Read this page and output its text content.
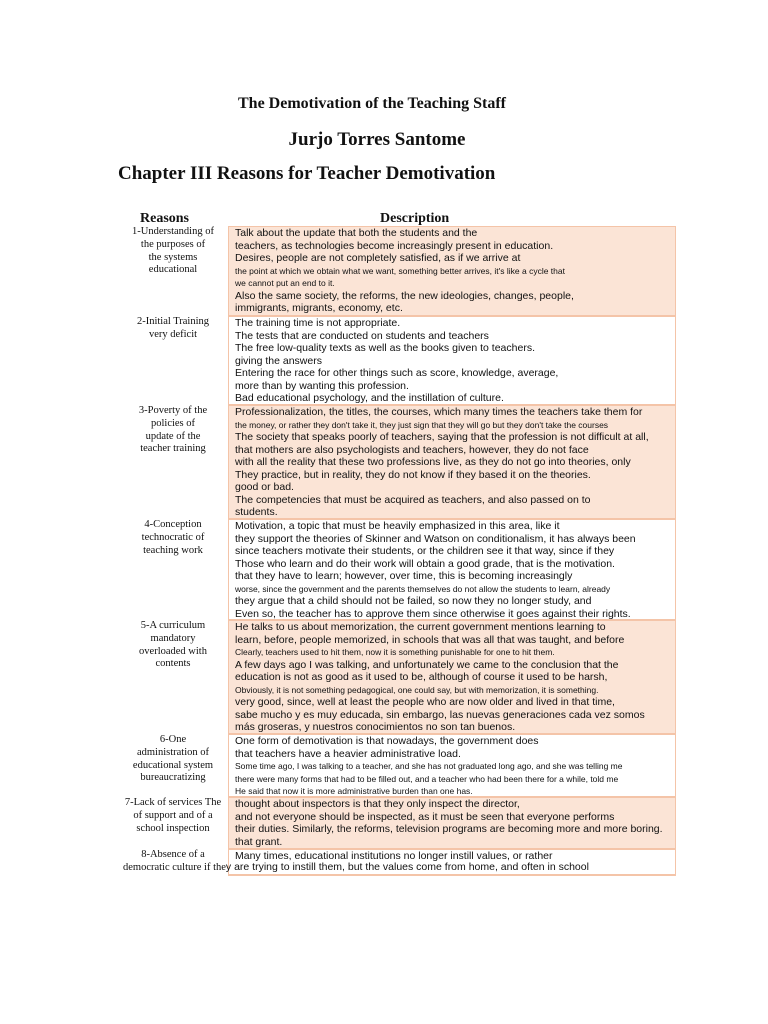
The Demotivation of the Teaching Staff
Jurjo Torres Santome
Chapter III Reasons for Teacher Demotivation
Reasons	Description
1-Understanding of
the purposes of
the systems
educational
Talk about the update that both the students and the
teachers, as technologies become increasingly present in education.
Desires, people are not completely satisfied, as if we arrive at
the point at which we obtain what we want, something better arrives, it's like a cycle that
we cannot put an end to it.
Also the same society, the reforms, the new ideologies, changes, people,
immigrants, migrants, economy, etc.
2-Initial Training
very deficit
The training time is not appropriate.
The tests that are conducted on students and teachers
The free low-quality texts as well as the books given to teachers.
giving the answers
Entering the race for other things such as score, knowledge, average,
more than by wanting this profession.
Bad educational psychology, and the instillation of culture.
3-Poverty of the
policies of
update of the
teacher training
Professionalization, the titles, the courses, which many times the teachers take them for
the money, or rather they don't take it, they just sign that they will go but they don't take the courses
The society that speaks poorly of teachers, saying that the profession is not difficult at all,
that mothers are also psychologists and teachers, however, they do not face
with all the reality that these two professions live, as they do not go into theories, only
They practice, but in reality, they do not know if they based it on the theories.
good or bad.
The competencies that must be acquired as teachers, and also passed on to
students.
4-Conception
technocratic of
teaching work
Motivation, a topic that must be heavily emphasized in this area, like it
they support the theories of Skinner and Watson on conditionalism, it has always been
since teachers motivate their students, or the children see it that way, since if they
Those who learn and do their work will obtain a good grade, that is the motivation.
that they have to learn; however, over time, this is becoming increasingly
worse, since the government and the parents themselves do not allow the students to learn, already
they argue that a child should not be failed, so now they no longer study, and
Even so, the teacher has to approve them since otherwise it goes against their rights.
5-A curriculum
mandatory
overloaded with
contents
He talks to us about memorization, the current government mentions learning to
learn, before, people memorized, in schools that was all that was taught, and before
Clearly, teachers used to hit them, now it is something punishable for one to hit them.
A few days ago I was talking, and unfortunately we came to the conclusion that the
education is not as good as it used to be, although of course it used to be harsh,
Obviously, it is not something pedagogical, one could say, but with memorization, it is something.
very good, since, well at least the people who are now older and lived in that time,
sabe mucho y es muy educada, sin embargo, las nuevas generaciones cada vez somos
más groseras, y nuestros conocimientos no son tan buenos.
6-One
administration of
educational system
bureaucratizing
One form of demotivation is that nowadays, the government does
that teachers have a heavier administrative load.
Some time ago, I was talking to a teacher, and she has not graduated long ago, and she was telling me
there were many forms that had to be filled out, and a teacher who had been there for a while, told me
He said that now it is more administrative burden than one has.
7-Lack of services The
of support and of a
school inspection
thought about inspectors is that they only inspect the director,
and not everyone should be inspected, as it must be seen that everyone performs
their duties. Similarly, the reforms, television programs are becoming more and more boring.
that grant.
8-Absence of a	Many times, educational institutions no longer instill values, or rather
democratic culture if they are trying to instill them, but the values come from home, and often in school
